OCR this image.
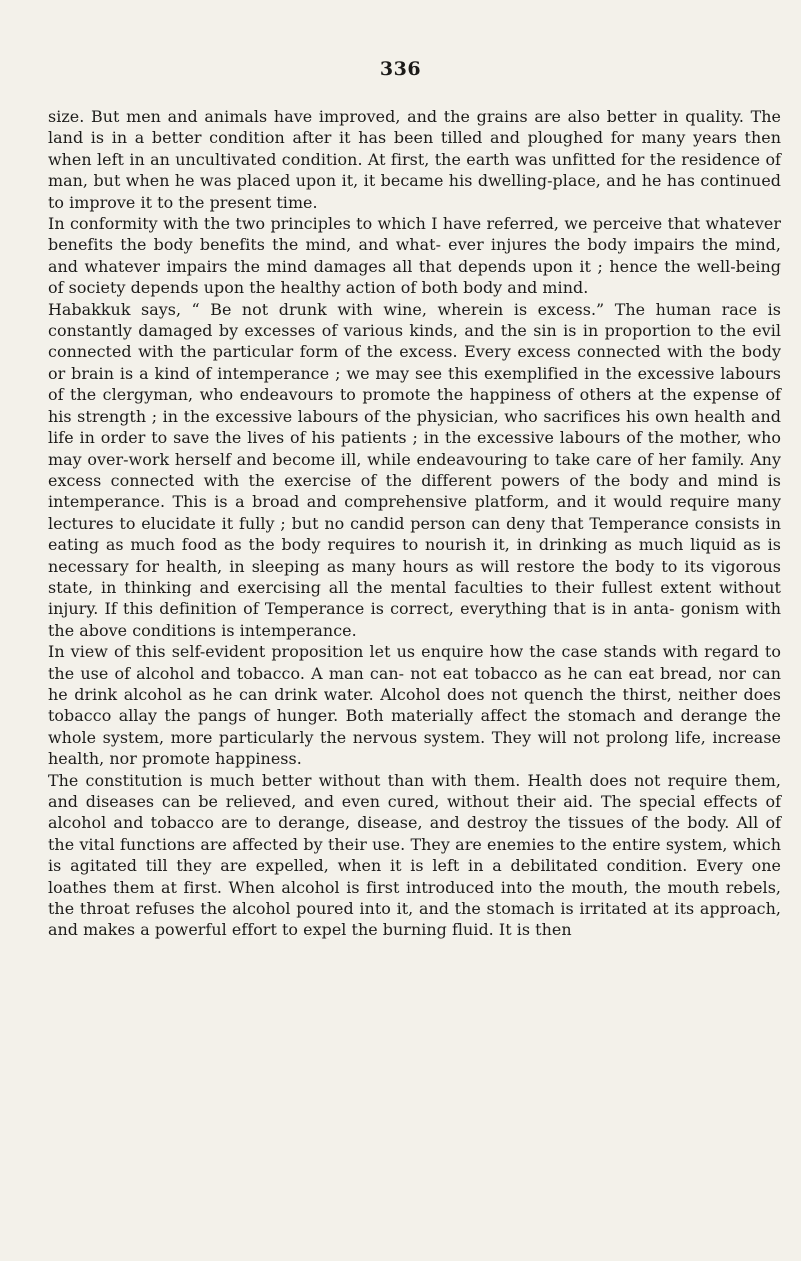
336

size. But men and animals have improved, and the grains are also better in quality. The land is in a better condition after it has been tilled and ploughed for many years then when left in an uncultivated condition. At first, the earth was unfitted for the residence of man, but when he was placed upon it, it became his dwelling-place, and he has continued to improve it to the present time.

In conformity with the two principles to which I have referred, we perceive that whatever benefits the body benefits the mind, and what- ever injures the body impairs the mind, and whatever impairs the mind damages all that depends upon it ; hence the well-being of society depends upon the healthy action of both body and mind.

Habakkuk says, “ Be not drunk with wine, wherein is excess.” The human race is constantly damaged by excesses of various kinds, and the sin is in proportion to the evil connected with the particular form of the excess. Every excess connected with the body or brain is a kind of intemperance ; we may see this exemplified in the excessive labours of the clergyman, who endeavours to promote the happiness of others at the expense of his strength ; in the excessive labours of the physician, who sacrifices his own health and life in order to save the lives of his patients ; in the excessive labours of the mother, who may over-work herself and become ill, while endeavouring to take care of her family. Any excess connected with the exercise of the different powers of the body and mind is intemperance. This is a broad and comprehensive platform, and it would require many lectures to elucidate it fully ; but no candid person can deny that Temperance consists in eating as much food as the body requires to nourish it, in drinking as much liquid as is necessary for health, in sleeping as many hours as will restore the body to its vigorous state, in thinking and exercising all the mental faculties to their fullest extent without injury. If this definition of Temperance is correct, everything that is in anta- gonism with the above conditions is intemperance.

In view of this self-evident proposition let us enquire how the case stands with regard to the use of alcohol and tobacco. A man can- not eat tobacco as he can eat bread, nor can he drink alcohol as he can drink water. Alcohol does not quench the thirst, neither does tobacco allay the pangs of hunger. Both materially affect the stomach and derange the whole system, more particularly the nervous system. They will not prolong life, increase health, nor promote happiness.

The constitution is much better without than with them. Health does not require them, and diseases can be relieved, and even cured, without their aid. The special effects of alcohol and tobacco are to derange, disease, and destroy the tissues of the body. All of the vital functions are affected by their use. They are enemies to the entire system, which is agitated till they are expelled, when it is left in a debilitated condition. Every one loathes them at first. When alcohol is first introduced into the mouth, the mouth rebels, the throat refuses the alcohol poured into it, and the stomach is irritated at its approach, and makes a powerful effort to expel the burning fluid. It is then
